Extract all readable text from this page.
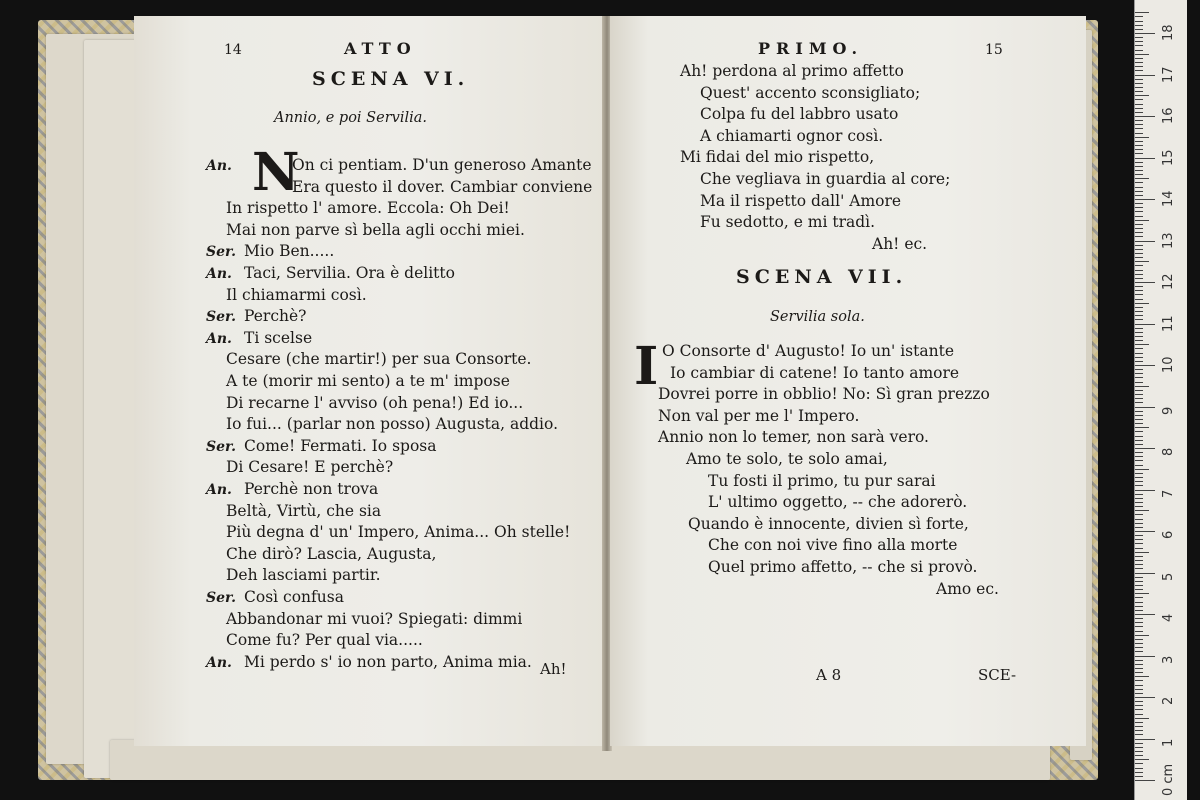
14	ATTO
SCENA VI.
Annio, e poi Servilia.
N
An.	On ci pentiam. D'un generoso Amante
Era questo il dover. Cambiar conviene
In rispetto l' amore. Eccola: Oh Dei!
Mai non parve sì bella agli occhi miei.
Ser. Mio Ben.....
An. Taci, Servilia. Ora è delitto
Il chiamarmi così.
Ser. Perchè?
An. Ti scelse
Cesare (che martir!) per sua Consorte.
A te (morir mi sento) a te m' impose
Di recarne l' avviso (oh pena!) Ed io...
Io fui... (parlar non posso) Augusta, addio.
Ser. Come! Fermati. Io sposa
Di Cesare! E perchè?
An. Perchè non trova
Beltà, Virtù, che sia
Più degna d' un' Impero, Anima... Oh stelle!
Che dirò? Lascia, Augusta,
Deh lasciami partir.
Ser. Così confusa
Abbandonar mi vuoi? Spiegati: dimmi
Come fu? Per qual via.....
An. Mi perdo s' io non parto, Anima mia. Ah!
PRIMO.	15
Ah! perdona al primo affetto
Quest' accento sconsigliato;
Colpa fu del labbro usato
A chiamarti ognor così.
Mi fidai del mio rispetto,
Che vegliava in guardia al core;
Ma il rispetto dall' Amore
Fu sedotto, e mi tradì.
Ah! ec.
SCENA VII.
Servilia sola.
I O Consorte d' Augusto! Io un' istante
Io cambiar di catene! Io tanto amore
Dovrei porre in obblio! No: Sì gran prezzo
Non val per me l' Impero.
Annio non lo temer, non sarà vero.
Amo te solo, te solo amai,
Tu fosti il primo, tu pur sarai
L' ultimo oggetto, -- che adorerò.
Quando è innocente, divien sì forte,
Che con noi vive fino alla morte
Quel primo affetto, -- che si provò.
Amo ec.
A 8	SCE-
0 cm
1
2
3
4
5
6
7
8
9
10
11
12
13
14
15
16
17
18
